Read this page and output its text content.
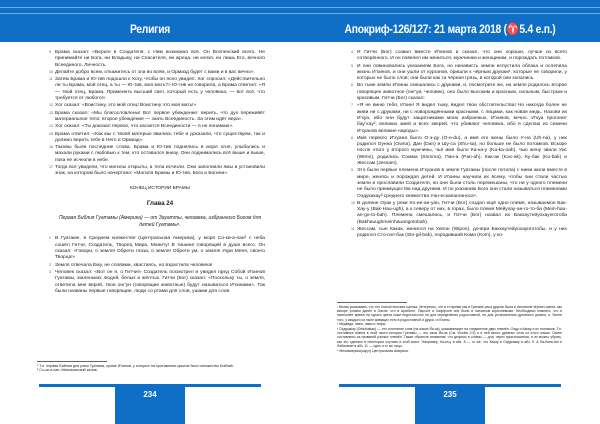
Религия
9 Брама сказал: «Верьте в Создателя, с Ним возможно всё. Он Вселенский всего. Не принимайте ни Бога, ни Владыку, ни Спасителя, ни жреца, ни князя, но лишь Его, вечного Всеединого, Личность.
10 Делайте добро всем, откажитесь от зла во всём, и Ормазд будет с вами и в вас вечно».
11 Затем Брама и Ю-тив подошли к Хогу, чтобы он ясно увидел. Хог спросил: «Действительно ли ты Брама, мой отец, а ты — Ю-тив, моя мать?» Ю-тив не говорила, а Брама ответил: «Я — твой отец, Брама. Применить высший свет, который есть у человека, — вот всё, что требуется от любого!»
12 Хог сказал: «Воистину, это мой отец! Воистину это моя мать!»
13 Брама сказал: «Мы благословлены! Вот первое убеждение: верить, что дух переживёт материальное тело; второе убеждение — знать Всеединость. За этим идёт вера».
14 Хог сказал: «Ты доказал первое, что касается Всеединости — я не понимаю».
15 Брама ответил: «Как мы с твоей матерью явились тебе и доказали, что существуем, так и должно верить тебе в Него и Ормазд».
16 Таковы были последние слова. Брама и Ю-тив поднялись в море огня, улыбались и махали руками с любовью к тем, кто оставался внизу. Они поднимались всё выше и выше, пока не исчезли в небе.
17 Тогда все увидели, что могилы открыты, а тела исчезли. Они заполнили ямы и установили знак, на котором было начертано: «Могила Брамы и Ю-тив, Бога и Богини».
КОНЕЦ ИСТОРИИ БРАМЫ
Глава 24
Первая Библия Гуатамы (Америка) — от Зауатты, человека, избранного Богом для детей Гуатамы¹.
1 В Гуатаме, в Среднем княжестве (Центральная Америка), у моря Со-ки-а-пан² с неба сошёл Гитчи, Создатель, Творец Мира, Маниту! В тишине говорящий в душе всего. Он сказал: «Говори, о земля! Обрети глаза, о земля! Обрети ум, о земля! Узри Меня, своего Творца!»
2 Земля отвечала Ему, не словами, хвастаясь, но взрастила человека!
3 Человек сказал: «Вот он я, о Гитчи!» Создатель посмотрел и увидел пред Собой И'хинов Гуатамы, маленьких людей, белых и жёлтых. Гитчи (Бог) сказал: «Поскольку ты, о земля, ответила мне верой, твои онг'уи (говорящие животные) будут называться И'хинами». Так были названы первые говорящие, люди со ртами для слов, ушами для слов.
¹ Т.е. первая Библия для расы Гуатамы, кроме И'хинов, у которых на протяжении циклов было множество Библий.
² Со-ки-а-пан; Мексиканский залив.
234
Апокриф-126/127: 21 марта 2018 (♈5.4 е.п.)
4 И Гитчи (Бог) созвал вместе И'хинов и сказал, что они хороши, лучше из всего сотворённого. И он повелел им жениться, мужчинам и женщинам, и порождать потомков.
5 И они повиновались указаниям Бога, но ненависть земли испустила облака и ослепила жизнь И'хинов, и они ушли от курганов, пришли к чёрным друкам¹, которые не говорили, у которых не было слов; они были как та чёрная грязь, в которой они копались.
6 Во тьме земли И'хины смешались с друками, и, посмотрите же, на земле родилось второе говорящее животное (онг'уи, человек), оно было высоким и красным, сильным, быстрым и красивым. Гитчи (Бог) сказал:
7 «Я не виню тебя, И'хин! Я видел тьму, видел твои обстоятельства! Но никогда более не живи ни с друками, ни с новорождёнными красными, с лицами, как новая медь. Назови их И'хуа, ибо они будут защитниками моих избранных, И'хинов, вечно. И'хуа прогонит бау`кау², великих змей и всех зверей, что убивают человека, ибо я сделаю из семени И'хуанов великие народы».
8 Имя первого И'хуана было О-э-ду (O-e-du), а имя его жены было У-на (Uh-na), у них родился Оунна (Owna), Дан (Dan) и Шу-са (Shu-sa), но больше не было потомков. Вскоре после этого у второго мужчины, чьё имя было Ка-ка-у (Ka-ka-oah), чью жену звали Уис (Wenn), родились Сомма (Somma), Пан-а (Pan-ah), Как-ак (Kac-ak), Ку-бак (Ku-bak) и Жессам (Jessam).
9 Это были первые племена И'хуанов в земле Гуатамы (после потопа) с ними жили вместе в мире, женясь и порождая детей. И И'хины научили их всему, чтобы они стали частью земли и прославили Создателя, но они были столь перемешаны, что ни у одного племени не было преимущества над другими. И по указанию Бога они стали называться племенами Оэдукакау³ среднего княжества Уан-ескапанганоса⁴.
10 В долине Оуак у реки Хо-ин-ан-уан, Гитчи (Бог) создал ещё одно племя, называемое Бак-Хау-у (Bak-Hau-ugh), а к северу от них, в горах, было племя Мейухау-ан-го-то-ба (Mein-hau-an-go-to-bah). Племена смешались, и Гитчи (Бог) назвал их Бакхаутейуохаунготоба (Bakhauughmeinhauangotobah).
11 Жессам, сын Какак, женился на Уипон (Wipon), дочери Бакхаутейуохаунготобы, и у них родился Сто-гил-бак (Sto-gil-bak), породивший Кома (Kom), у ко-
¹ Вновь указываем, что это статистическая оценка. Интересно, что в то время как в Гуатаме раса друков была в основном чёрного цвета, мы вскоре узнаем далее в Оаспе, что в Арабин'е, Парси'е и Хафф'оне они были в основном коричневыми. Необходимо помнить, что в нынешнее время ни одного цвета кожи недостаточно ни для определения родословной, ни для установления духовного уровня, и, более того, у каждого из ныне живущих есть в родословной и друки, и И'хины.
² Медведи, змеи, львы и тигры.
³ Оэдукакау (Oedukakau) — это сочетание слов (на языке Йа-ак), указывающее на соединение двух племён: Оэду и Какау и их потомков. Т.е. составные имена в этой части истории Гуатамы — это язык Йа-ак (См. Worlds 2.5) и в ней много древних слов из этого языка. Оаспе составлены из названий разных племён. Также обратите внимание, что дефисы в словах — для, через произношения, и их можно убрать, как это сделано в некоторых случаях в этой книге. Например, Ка-ка-у в абз. 8 — то же, что Какау в Оэдукакау в абз. 9. А Ла-бана-ган и Лабанаган в абз. 11 — одно и то же лицо.
⁴ Мезоамерика(округ) Центральная Америка.
235
